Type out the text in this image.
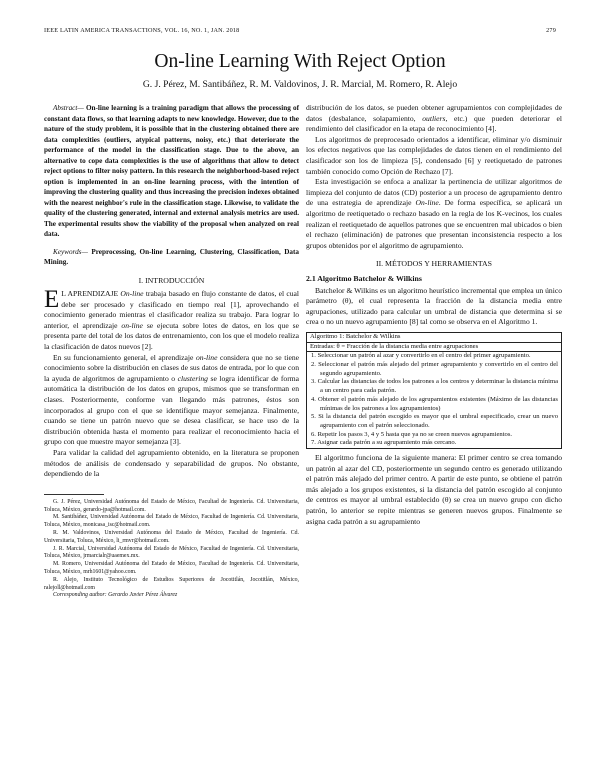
IEEE LATIN AMERICA TRANSACTIONS, VOL. 16, NO. 1, JAN. 2018	279
On-line Learning With Reject Option
G. J. Pérez, M. Santibáñez, R. M. Valdovinos, J. R. Marcial, M. Romero, R. Alejo

Abstract— On-line learning is a training paradigm that allows the processing of constant data flows, so that learning adapts to new knowledge. However, due to the nature of the study problem, it is possible that in the clustering obtained there are data complexities (outliers, atypical patterns, noisy, etc.) that deteriorate the performance of the model in the classification stage. Due to the above, an alternative to cope data complexities is the use of algorithms that allow to detect reject options to filter noisy pattern. In this research the neighborhood-based reject option is implemented in an on-line learning process, with the intention of improving the clustering quality and thus increasing the precision indexes obtained with the nearest neighbor's rule in the classification stage. Likewise, to validate the quality of the clustering generated, internal and external analysis metrics are used. The experimental results show the viability of the proposal when analyzed on real data.

Keywords— Preprocessing, On-line Learning, Clustering, Classification, Data Mining.

I. INTRODUCCIÓN

E L APRENDIZAJE On-line trabaja basado en flujo constante de datos, el cual debe ser procesado y clasificado en tiempo real [1], aprovechando el conocimiento generado mientras el clasificador realiza su trabajo. Para lograr lo anterior, el aprendizaje on-line se ejecuta sobre lotes de datos, en los que se presenta parte del total de los datos de entrenamiento, con los que el modelo realiza la clasificación de datos nuevos [2].

En su funcionamiento general, el aprendizaje on-line considera que no se tiene conocimiento sobre la distribución en clases de sus datos de entrada, por lo que con la ayuda de algoritmos de agrupamiento o clustering se logra identificar de forma automática la distribución de los datos en grupos, mismos que se transforman en clases. Posteriormente, conforme van llegando más patrones, éstos son incorporados al grupo con el que se identifique mayor semejanza. Finalmente, cuando se tiene un patrón nuevo que se desea clasificar, se hace uso de la distribución obtenida hasta el momento para realizar el reconocimiento hacia el grupo con que muestre mayor semejanza [3].

Para validar la calidad del agrupamiento obtenido, en la literatura se proponen métodos de análisis de condensado y separabilidad de grupos. No obstante, dependiendo de la

G. J. Pérez, Universidad Autónoma del Estado de México, Facultad de Ingeniería. Cd. Universitaria, Toluca, México, gerardo-jpa@hotmail.com.
M. Santibáñez, Universidad Autónoma del Estado de México, Facultad de Ingeniería. Cd. Universitaria, Toluca, México, monicasa_isc@hotmail.com.
R. M. Valdovinos, Universidad Autónoma del Estado de México, Facultad de Ingeniería. Cd. Universitaria, Toluca, México, li_rmvr@hotmail.com.
J. R. Marcial, Universidad Autónoma del Estado de México, Facultad de Ingeniería. Cd. Universitaria, Toluca, México, jrmarcialr@uaemex.mx.
M. Romero, Universidad Autónoma del Estado de México, Facultad de Ingeniería. Cd. Universitaria, Toluca, México, mrh1601@yahoo.com.
R. Alejo, Instituto Tecnológico de Estudios Superiores de Jocotitlán, Jocotitlán, México, ralejoll@hotmail.com
Corresponding author: Gerardo Javier Pérez Álvarez

distribución de los datos, se pueden obtener agrupamientos con complejidades de datos (desbalance, solapamiento, outliers, etc.) que pueden deteriorar el rendimiento del clasificador en la etapa de reconocimiento [4].

Los algoritmos de preprocesado orientados a identificar, eliminar y/o disminuir los efectos negativos que las complejidades de datos tienen en el rendimiento del clasificador son los de limpieza [5], condensado [6] y reetiquetado de patrones también conocido como Opción de Rechazo [7].

Esta investigación se enfoca a analizar la pertinencia de utilizar algoritmos de limpieza del conjunto de datos (CD) posterior a un proceso de agrupamiento dentro de una estrategia de aprendizaje On-line. De forma específica, se aplicará un algoritmo de reetiquetado o rechazo basado en la regla de los K-vecinos, los cuales realizan el reetiquetado de aquellos patrones que se encuentren mal ubicados o bien el rechazo (eliminación) de patrones que presentan inconsistencia respecto a los grupos obtenidos por el algoritmo de agrupamiento.

II. MÉTODOS Y HERRAMIENTAS
2.1 Algoritmo Batchelor & Wilkins

Batchelor & Wilkins es un algoritmo heurístico incremental que emplea un único parámetro (θ), el cual representa la fracción de la distancia media entre agrupaciones, utilizado para calcular un umbral de distancia que determina si se crea o no un nuevo agrupamiento [8] tal como se observa en el Algoritmo 1.

Algoritmo 1: Batchelor & Wilkins
Entradas: θ = Fracción de la distancia media entre agrupaciones
1. Seleccionar un patrón al azar y convertirlo en el centro del primer agrupamiento.
2. Seleccionar el patrón más alejado del primer agrupamiento y convertirlo en el centro del segundo agrupamiento.
3. Calcular las distancias de todos los patrones a los centros y determinar la distancia mínima a un centro para cada patrón.
4. Obtener el patrón más alejado de los agrupamientos existentes (Máximo de las distancias mínimas de los patrones a los agrupamientos)
5. Si la distancia del patrón escogido es mayor que el umbral especificado, crear un nuevo agrupamiento con el patrón seleccionado.
6. Repetir los pasos 3, 4 y 5 hasta que ya no se creen nuevos agrupamientos.
7. Asignar cada patrón a su agrupamiento más cercano.

El algoritmo funciona de la siguiente manera: El primer centro se crea tomando un patrón al azar del CD, posteriormente un segundo centro es generado utilizando el patrón más alejado del primer centro. A partir de este punto, se obtiene el patrón más alejado a los grupos existentes, si la distancia del patrón escogido al conjunto de centros es mayor al umbral establecido (θ) se crea un nuevo grupo con dicho patrón, lo anterior se repite mientras se generen nuevos grupos. Finalmente se asigna cada patrón a su agrupamiento
